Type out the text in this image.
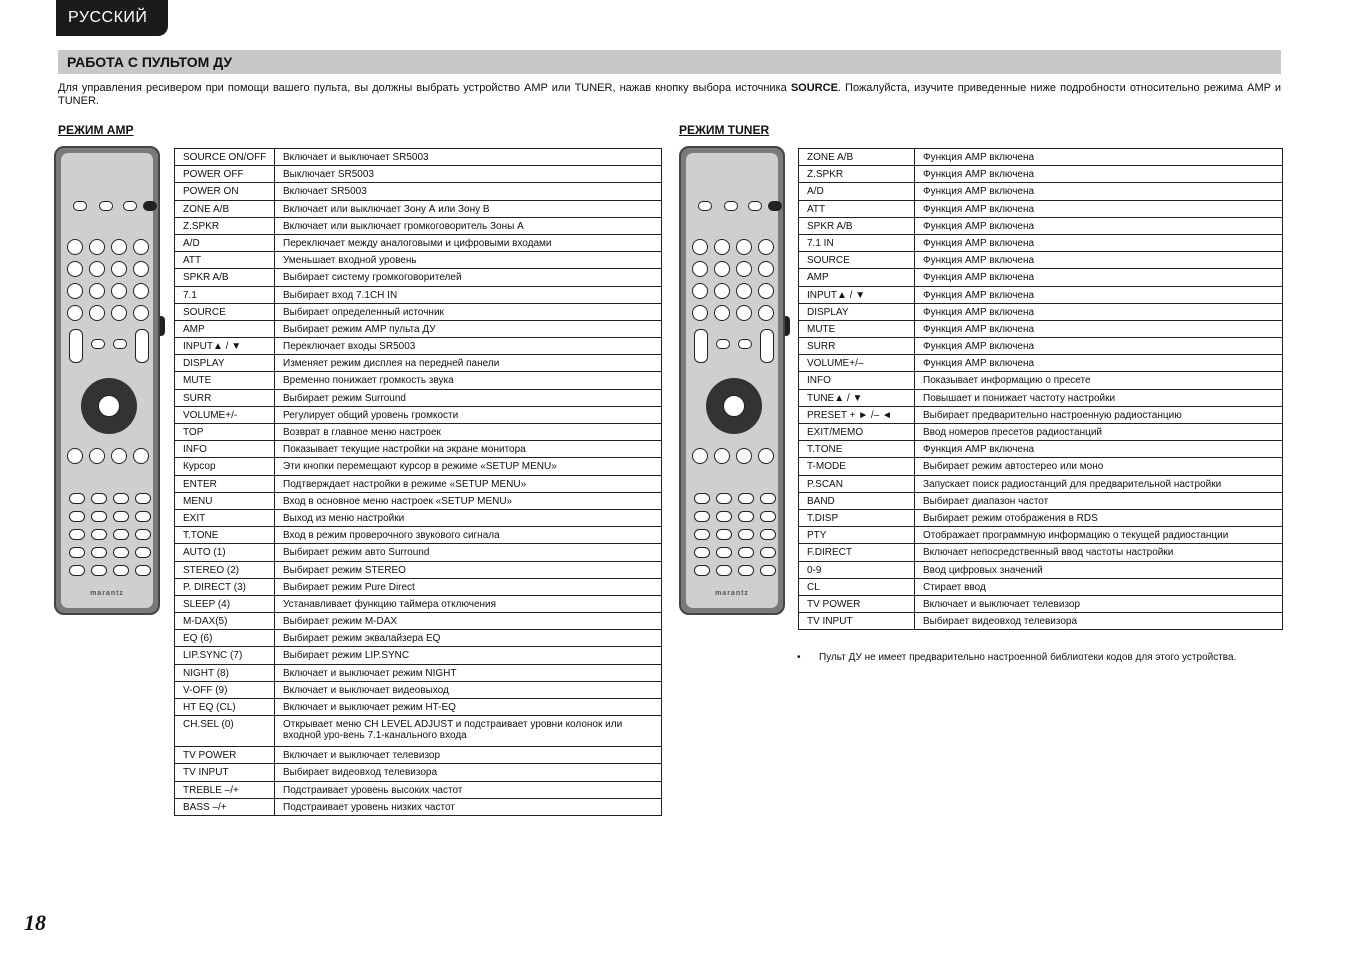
РУССКИЙ
РАБОТА С ПУЛЬТОМ ДУ
Для управления ресивером при помощи вашего пульта, вы должны выбрать устройство AMP или TUNER, нажав кнопку выбора источника SOURCE. Пожалуйста, изучите приведенные ниже подробности относительно режима AMP и TUNER.
РЕЖИМ AMP	РЕЖИМ TUNER
marantz	marantz
SOURCE ON/OFF	Включает и выключает SR5003
POWER OFF	Выключает SR5003
POWER ON	Включает SR5003
ZONE A/B	Включает или выключает Зону А или Зону В
Z.SPKR	Включает или выключает громкоговоритель Зоны А
A/D	Переключает между аналоговыми и цифровыми входами
ATT	Уменьшает входной уровень
SPKR A/B	Выбирает систему громкоговорителей
7.1	Выбирает вход 7.1CH IN
SOURCE	Выбирает определенный источник
AMP	Выбирает режим AMP пульта ДУ
INPUT▲ / ▼	Переключает входы SR5003
DISPLAY	Изменяет режим дисплея на передней панели
MUTE	Временно понижает громкость звука
SURR	Выбирает режим Surround
VOLUME+/-	Регулирует общий уровень громкости
TOP	Возврат в главное меню настроек
INFO	Показывает текущие настройки на экране монитора
Курсор	Эти кнопки перемещают курсор в режиме «SETUP MENU»
ENTER	Подтверждает настройки в режиме «SETUP MENU»
MENU	Вход в основное меню настроек «SETUP MENU»
EXIT	Выход из меню настройки
T.TONE	Вход в режим проверочного звукового сигнала
AUTO (1)	Выбирает режим авто Surround
STEREO (2)	Выбирает режим STEREO
P. DIRECT (3)	Выбирает режим Pure Direct
SLEEP (4)	Устанавливает функцию таймера отключения
M-DAX(5)	Выбирает режим M-DAX
EQ (6)	Выбирает режим эквалайзера EQ
LIP.SYNC (7)	Выбирает режим LIP.SYNC
NIGHT (8)	Включает и выключает режим NIGHT
V-OFF (9)	Включает и выключает видеовыход
HT EQ (CL)	Включает и выключает режим HT-EQ
CH.SEL (0)	Открывает меню CH LEVEL ADJUST и подстраивает уровни колонок или входной уро-вень 7.1-канального входа
TV POWER	Включает и выключает телевизор
TV INPUT	Выбирает видеовход телевизора
TREBLE –/+	Подстраивает уровень высоких частот
BASS –/+	Подстраивает уровень низких частот
ZONE A/B	Функция AMP включена
Z.SPKR	Функция AMP включена
A/D	Функция AMP включена
ATT	Функция AMP включена
SPKR A/B	Функция AMP включена
7.1 IN	Функция AMP включена
SOURCE	Функция AMP включена
AMP	Функция AMP включена
INPUT▲ / ▼	Функция AMP включена
DISPLAY	Функция AMP включена
MUTE	Функция AMP включена
SURR	Функция AMP включена
VOLUME+/–	Функция AMP включена
INFO	Показывает информацию о пресете
TUNE▲ / ▼	Повышает и понижает частоту настройки
PRESET + ► /– ◄	Выбирает предварительно настроенную радиостанцию
EXIT/MEMO	Ввод номеров пресетов радиостанций
T.TONE	Функция AMP включена
T-MODE	Выбирает режим автостерео или моно
P.SCAN	Запускает поиск радиостанций для предварительной настройки
BAND	Выбирает диапазон частот
T.DISP	Выбирает режим отображения в RDS
PTY	Отображает программную информацию о текущей радиостанции
F.DIRECT	Включает непосредственный ввод частоты настройки
0-9	Ввод цифровых значений
CL	Стирает ввод
TV POWER	Включает и выключает телевизор
TV INPUT	Выбирает видеовход телевизора
• Пульт ДУ не имеет предварительно настроенной библиотеки кодов для этого устройства.
18
